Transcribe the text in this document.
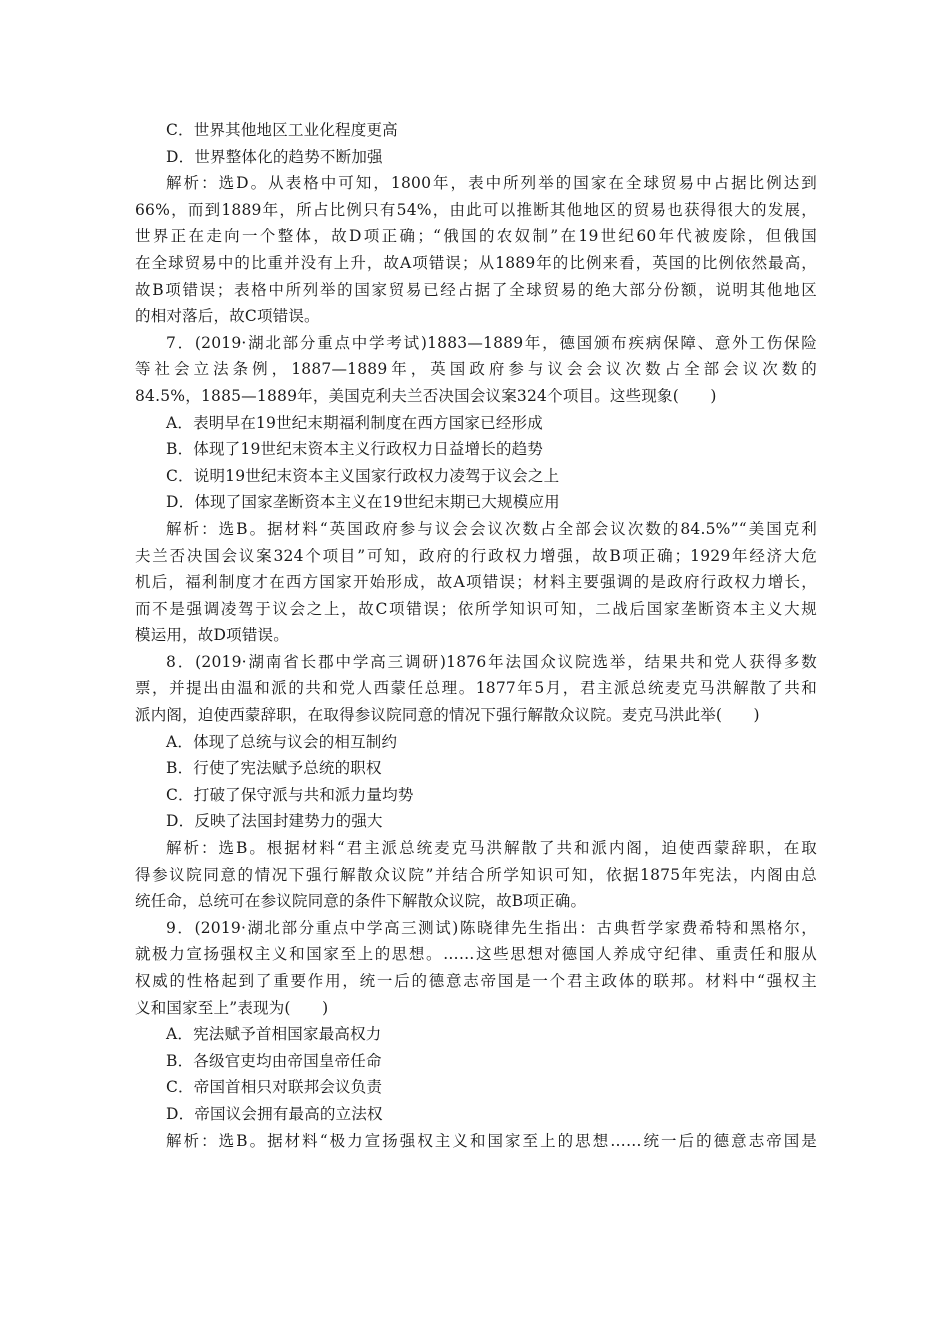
C．世界其他地区工业化程度更高
D．世界整体化的趋势不断加强
解析：选D。从表格中可知，1800年，表中所列举的国家在全球贸易中占据比例达到
66%，而到1889年，所占比例只有54%，由此可以推断其他地区的贸易也获得很大的发展，
世界正在走向一个整体，故D项正确；“俄国的农奴制”在19世纪60年代被废除，但俄国
在全球贸易中的比重并没有上升，故A项错误；从1889年的比例来看，英国的比例依然最高，
故B项错误；表格中所列举的国家贸易已经占据了全球贸易的绝大部分份额，说明其他地区
的相对落后，故C项错误。
7．(2019·湖北部分重点中学考试)1883—1889年，德国颁布疾病保障、意外工伤保险
等社会立法条例，1887—1889年，英国政府参与议会会议次数占全部会议次数的
84.5%，1885—1889年，美国克利夫兰否决国会议案324个项目。这些现象(　　)
A．表明早在19世纪末期福利制度在西方国家已经形成
B．体现了19世纪末资本主义行政权力日益增长的趋势
C．说明19世纪末资本主义国家行政权力凌驾于议会之上
D．体现了国家垄断资本主义在19世纪末期已大规模应用
解析：选B。据材料“英国政府参与议会会议次数占全部会议次数的84.5%”“美国克利
夫兰否决国会议案324个项目”可知，政府的行政权力增强，故B项正确；1929年经济大危
机后，福利制度才在西方国家开始形成，故A项错误；材料主要强调的是政府行政权力增长，
而不是强调凌驾于议会之上，故C项错误；依所学知识可知，二战后国家垄断资本主义大规
模运用，故D项错误。
8．(2019·湖南省长郡中学高三调研)1876年法国众议院选举，结果共和党人获得多数
票，并提出由温和派的共和党人西蒙任总理。1877年5月，君主派总统麦克马洪解散了共和
派内阁，迫使西蒙辞职，在取得参议院同意的情况下强行解散众议院。麦克马洪此举(　　)
A．体现了总统与议会的相互制约
B．行使了宪法赋予总统的职权
C．打破了保守派与共和派力量均势
D．反映了法国封建势力的强大
解析：选B。根据材料“君主派总统麦克马洪解散了共和派内阁，迫使西蒙辞职，在取
得参议院同意的情况下强行解散众议院”并结合所学知识可知，依据1875年宪法，内阁由总
统任命，总统可在参议院同意的条件下解散众议院，故B项正确。
9．(2019·湖北部分重点中学高三测试)陈晓律先生指出：古典哲学家费希特和黑格尔，
就极力宣扬强权主义和国家至上的思想。……这些思想对德国人养成守纪律、重责任和服从
权威的性格起到了重要作用，统一后的德意志帝国是一个君主政体的联邦。材料中“强权主
义和国家至上”表现为(　　)
A．宪法赋予首相国家最高权力
B．各级官吏均由帝国皇帝任命
C．帝国首相只对联邦会议负责
D．帝国议会拥有最高的立法权
解析：选B。据材料“极力宣扬强权主义和国家至上的思想……统一后的德意志帝国是
